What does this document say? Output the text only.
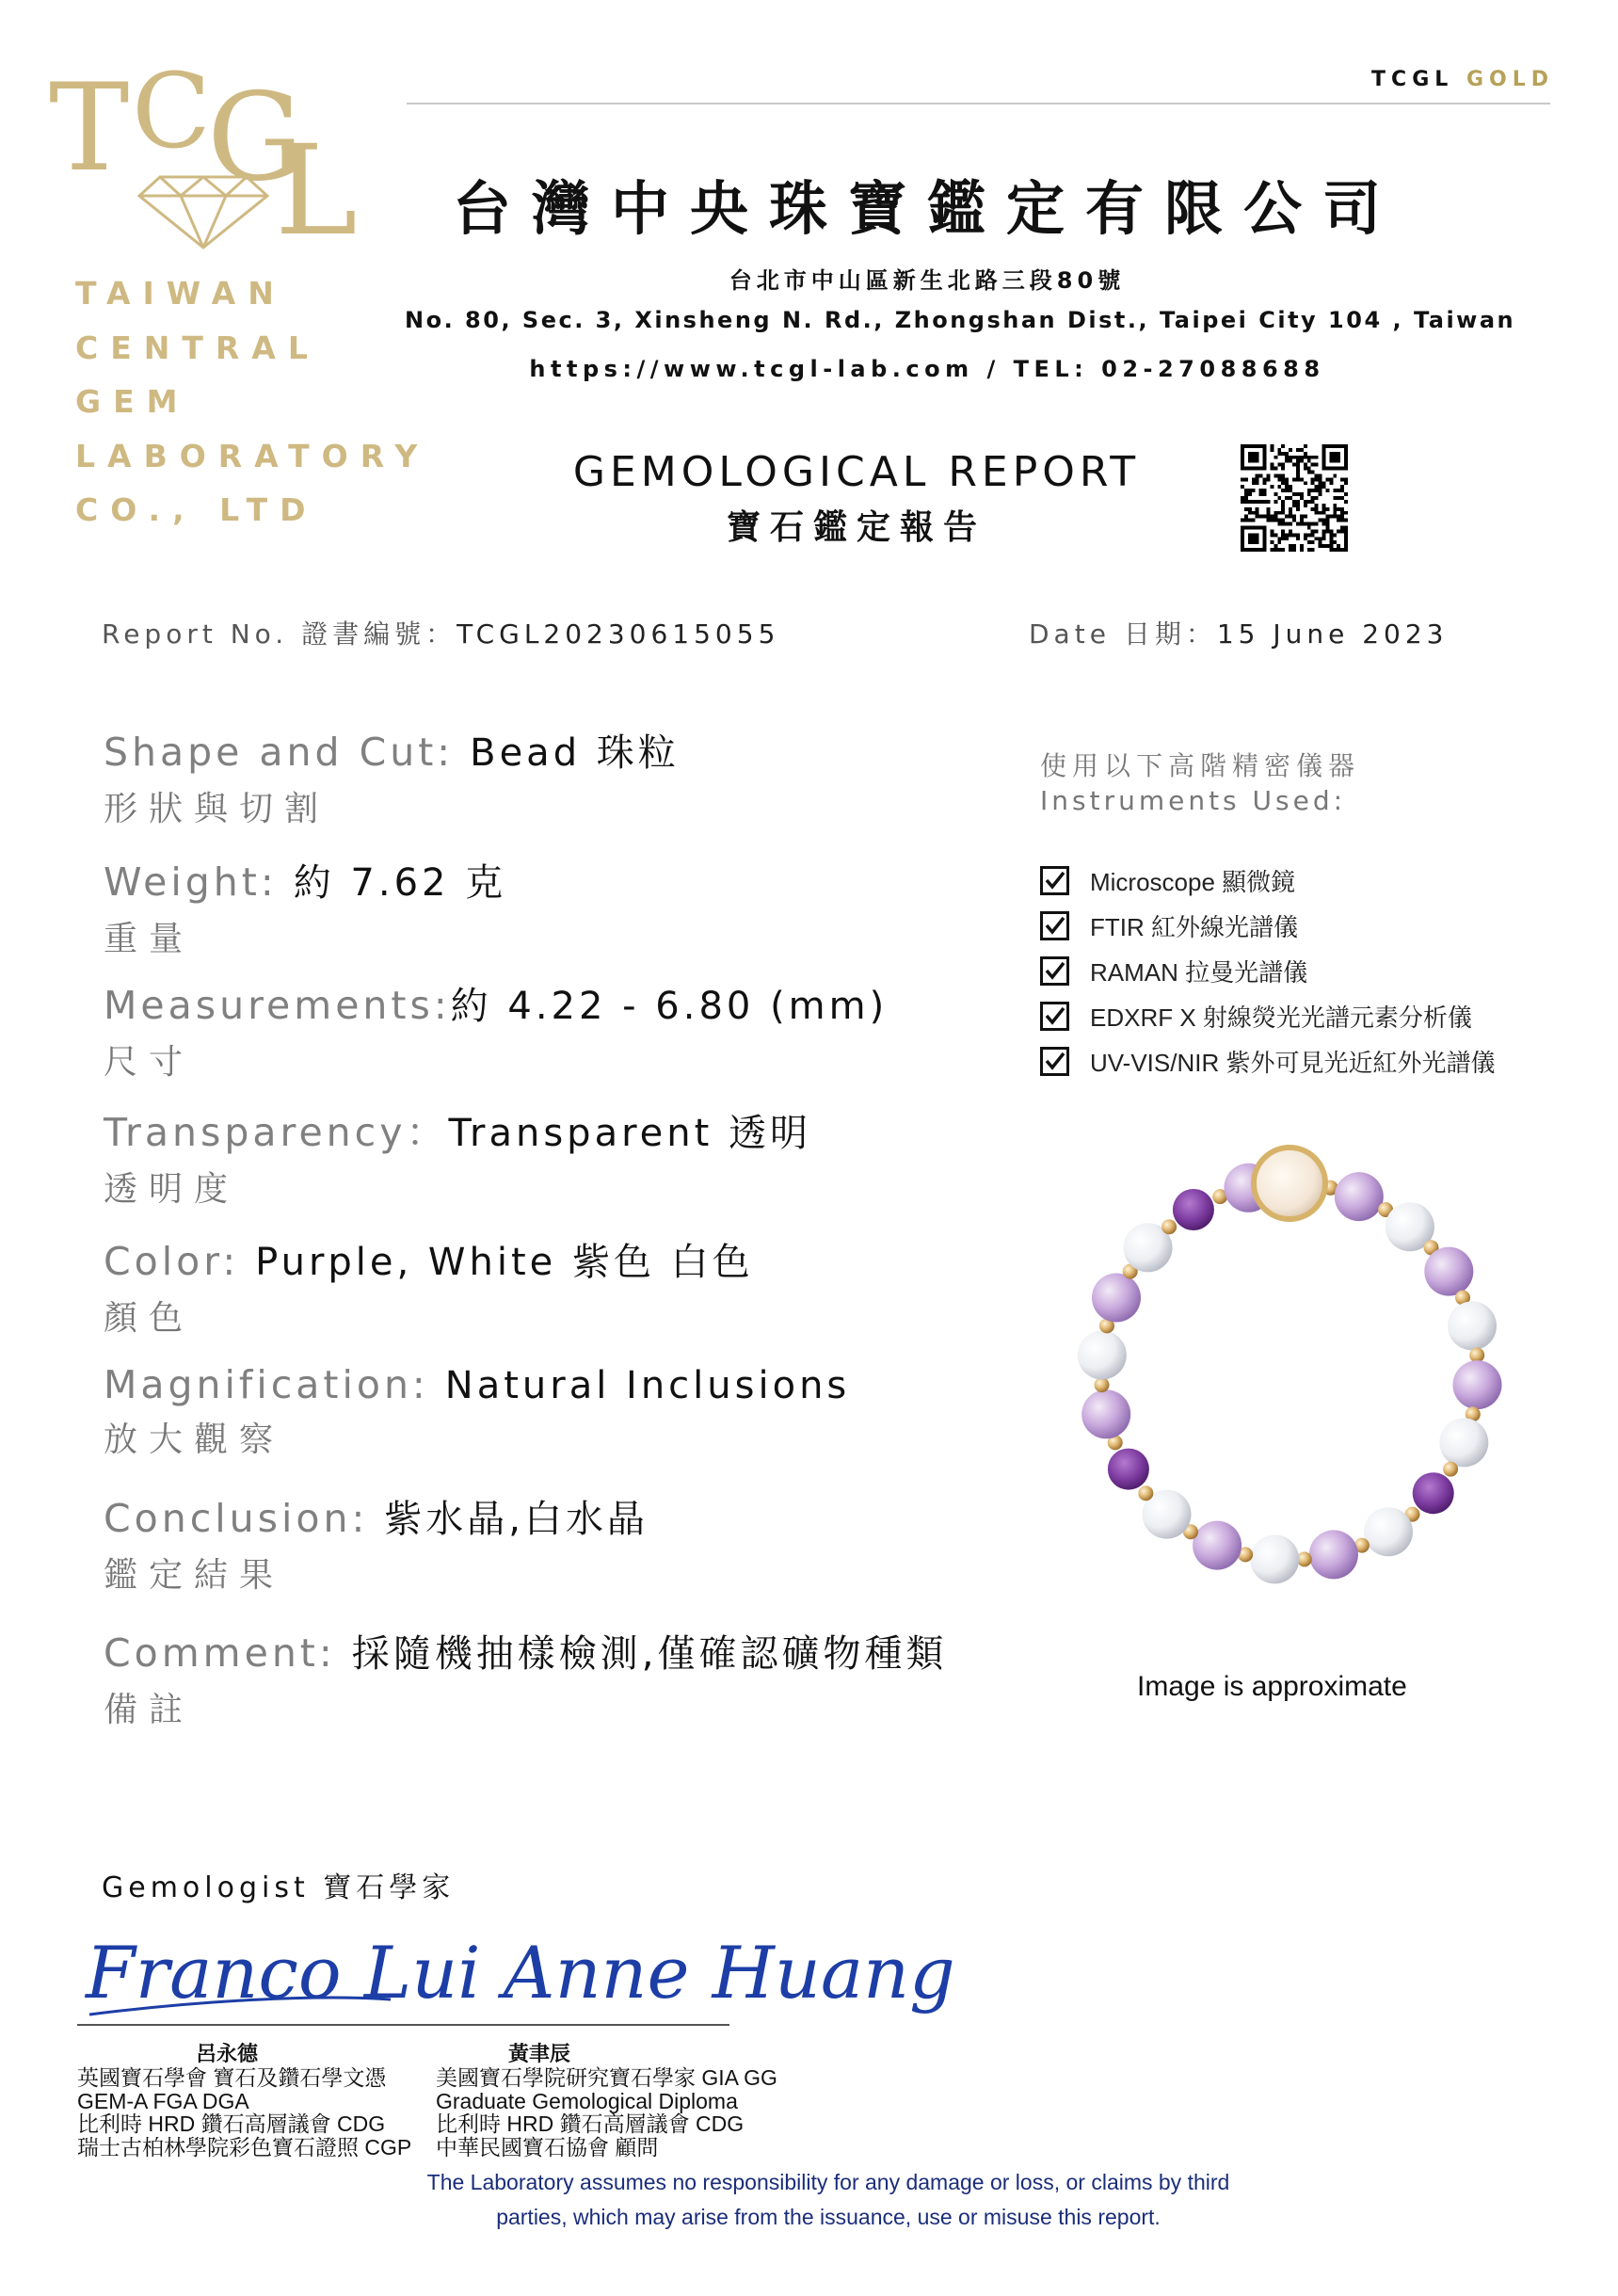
T C
G
L
TAIWAN
CENTRAL
GEM
LABORATORY
CO., LTD
TCGL GOLD
台灣中央珠寶鑑定有限公司
台北市中山區新生北路三段80號
No. 80, Sec. 3, Xinsheng N. Rd., Zhongshan Dist., Taipei City 104 , Taiwan
https://www.tcgl-lab.com / TEL: 02-27088688
GEMOLOGICAL REPORT
寶石鑑定報告
Report No. 證書編號：TCGL20230615055	Date 日期：15 June 2023
Shape and Cut: Bead 珠粒
形狀與切割
Weight: 約 7.62 克
重量
Measurements:約 4.22 - 6.80 (mm)
尺寸
Transparency：Transparent 透明
透明度
Color: Purple, White 紫色 白色
顏色
Magnification: Natural Inclusions
放大觀察
Conclusion: 紫水晶,白水晶
鑑定結果
Comment: 採隨機抽樣檢測,僅確認礦物種類
備註
使用以下高階精密儀器
Instruments Used:
Microscope 顯微鏡
FTIR 紅外線光譜儀
RAMAN 拉曼光譜儀
EDXRF X 射線熒光光譜元素分析儀
UV-VIS/NIR 紫外可見光近紅外光譜儀
Image is approximate
Gemologist 寶石學家
Franco Lui Anne Huang
呂永德	黃聿辰
英國寶石學會 寶石及鑽石學文憑
GEM-A FGA DGA
比利時 HRD 鑽石高層議會 CDG
瑞士古柏林學院彩色寶石證照 CGP
美國寶石學院研究寶石學家 GIA GG
Graduate Gemological Diploma
比利時 HRD 鑽石高層議會 CDG
中華民國寶石協會 顧問
The Laboratory assumes no responsibility for any damage or loss, or claims by third
parties, which may arise from the issuance, use or misuse this report.
